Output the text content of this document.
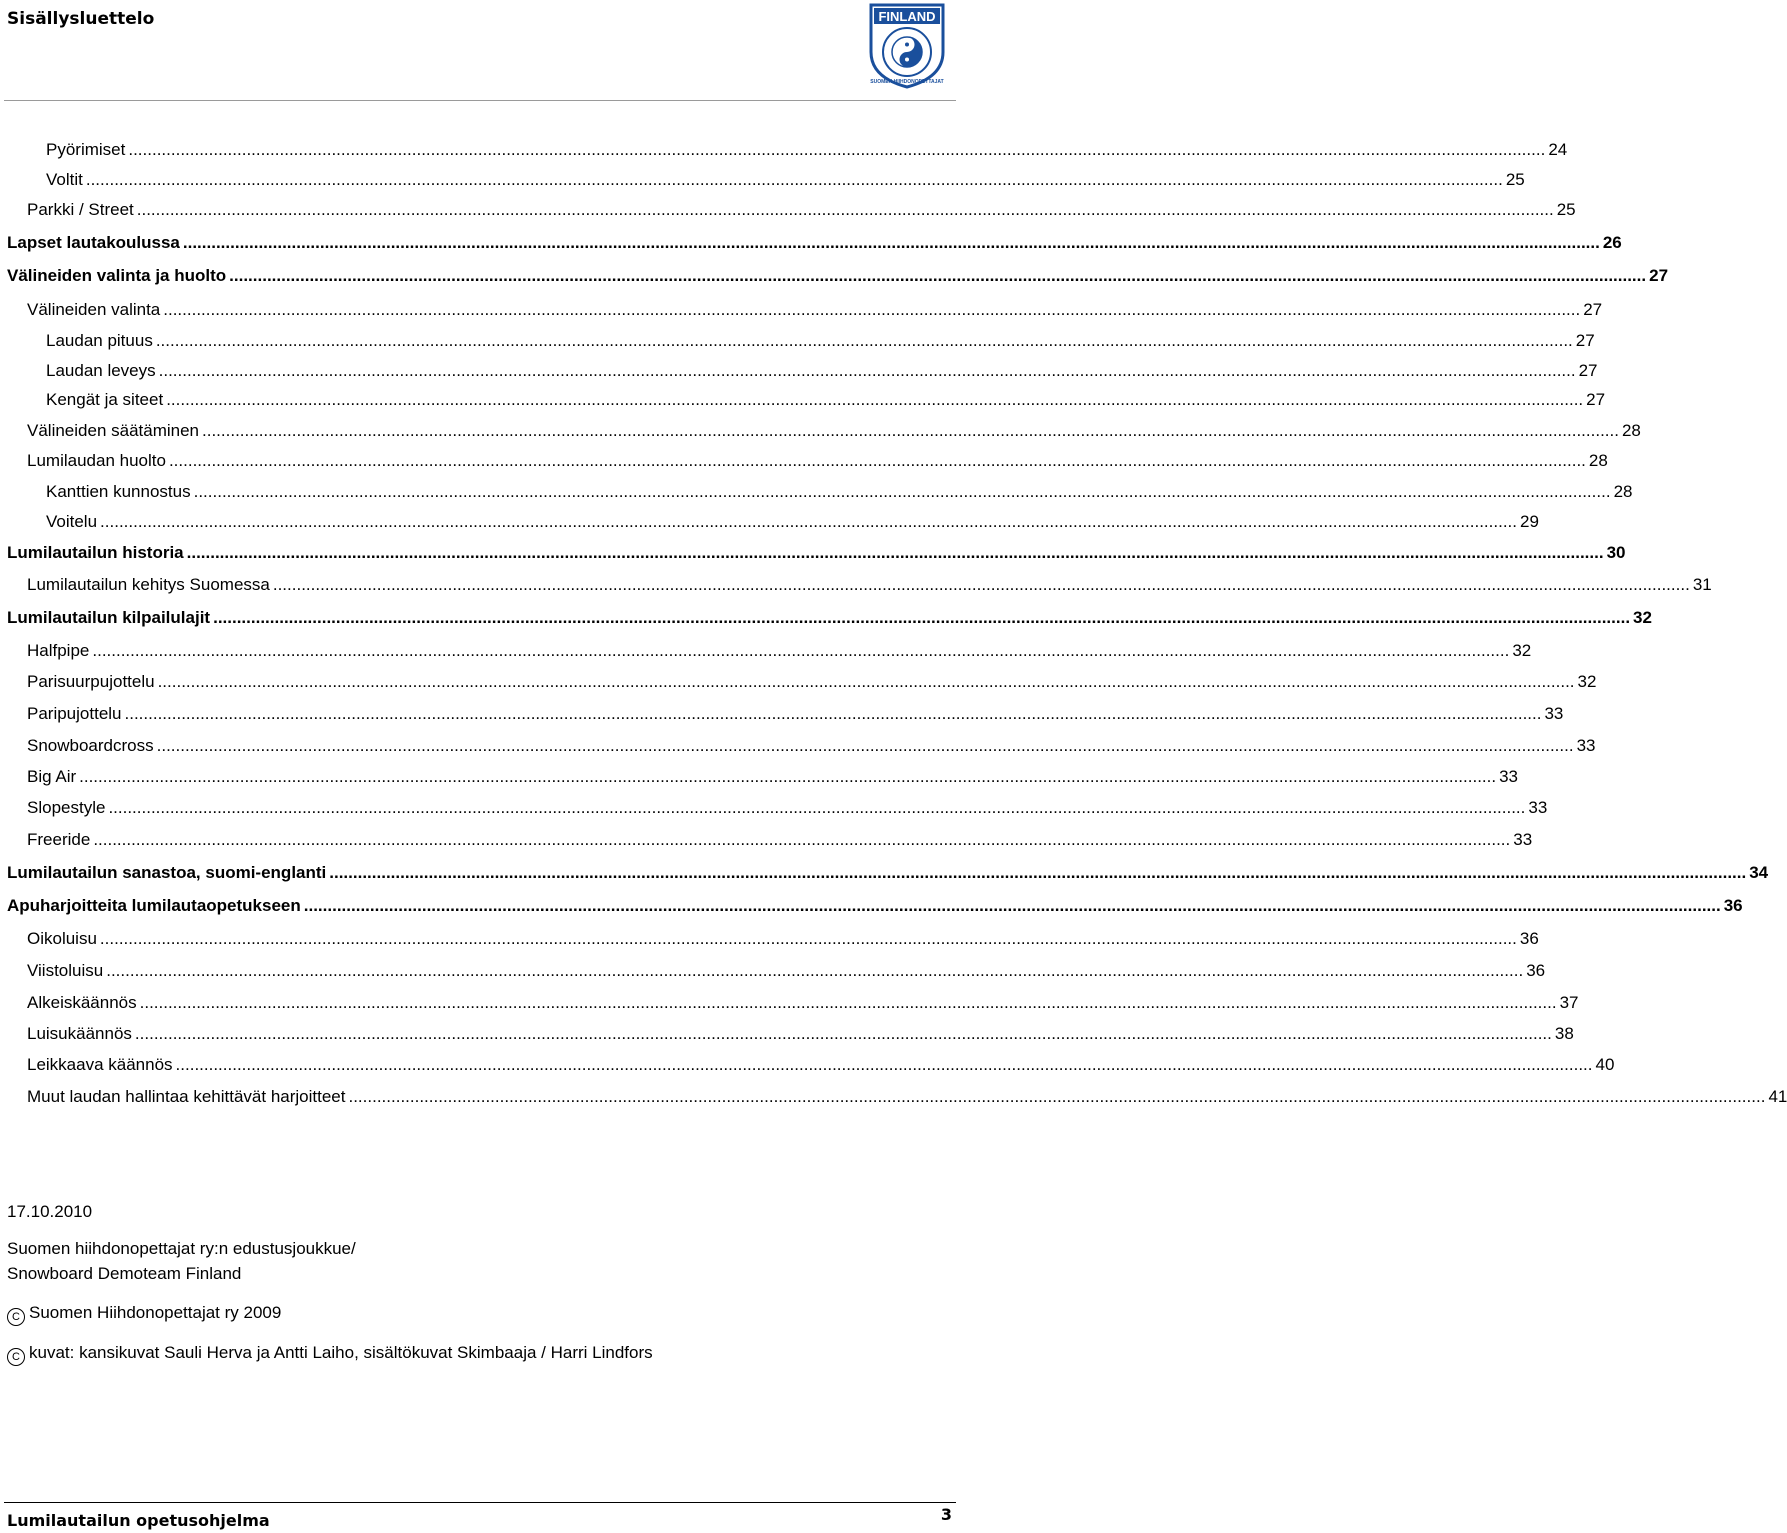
Sisällysluettelo	FINLAND
SUOMEN HIIHDONOPETTAJAT
Pyörimiset ............................................................................................................................................................................................................................................................................................................ 24
Voltit ............................................................................................................................................................................................................................................................................................................ 25
Parkki / Street ............................................................................................................................................................................................................................................................................................................ 25
Lapset lautakoulussa ............................................................................................................................................................................................................................................................................................................ 26
Välineiden valinta ja huolto ............................................................................................................................................................................................................................................................................................................ 27
Välineiden valinta ............................................................................................................................................................................................................................................................................................................ 27
Laudan pituus ............................................................................................................................................................................................................................................................................................................ 27
Laudan leveys ............................................................................................................................................................................................................................................................................................................ 27
Kengät ja siteet ............................................................................................................................................................................................................................................................................................................ 27
Välineiden säätäminen ............................................................................................................................................................................................................................................................................................................ 28
Lumilaudan huolto ............................................................................................................................................................................................................................................................................................................ 28
Kanttien kunnostus ............................................................................................................................................................................................................................................................................................................ 28
Voitelu ............................................................................................................................................................................................................................................................................................................ 29
Lumilautailun historia ............................................................................................................................................................................................................................................................................................................ 30
Lumilautailun kehitys Suomessa ............................................................................................................................................................................................................................................................................................................ 31
Lumilautailun kilpailulajit ............................................................................................................................................................................................................................................................................................................ 32
Halfpipe ............................................................................................................................................................................................................................................................................................................ 32
Parisuurpujottelu ............................................................................................................................................................................................................................................................................................................ 32
Paripujottelu ............................................................................................................................................................................................................................................................................................................ 33
Snowboardcross ............................................................................................................................................................................................................................................................................................................ 33
Big Air ............................................................................................................................................................................................................................................................................................................ 33
Slopestyle ............................................................................................................................................................................................................................................................................................................ 33
Freeride ............................................................................................................................................................................................................................................................................................................ 33
Lumilautailun sanastoa, suomi-englanti ............................................................................................................................................................................................................................................................................................................ 34
Apuharjoitteita lumilautaopetukseen ............................................................................................................................................................................................................................................................................................................ 36
Oikoluisu ............................................................................................................................................................................................................................................................................................................ 36
Viistoluisu ............................................................................................................................................................................................................................................................................................................ 36
Alkeiskäännös ............................................................................................................................................................................................................................................................................................................ 37
Luisukäännös ............................................................................................................................................................................................................................................................................................................ 38
Leikkaava käännös ............................................................................................................................................................................................................................................................................................................ 40
Muut laudan hallintaa kehittävät harjoitteet ............................................................................................................................................................................................................................................................................................................ 41
17.10.2010
Suomen hiihdonopettajat ry:n edustusjoukkue/
Snowboard Demoteam Finland
C Suomen Hiihdonopettajat ry 2009
C kuvat: kansikuvat Sauli Herva ja Antti Laiho, sisältökuvat Skimbaaja / Harri Lindfors
Lumilautailun opetusohjelma	3
